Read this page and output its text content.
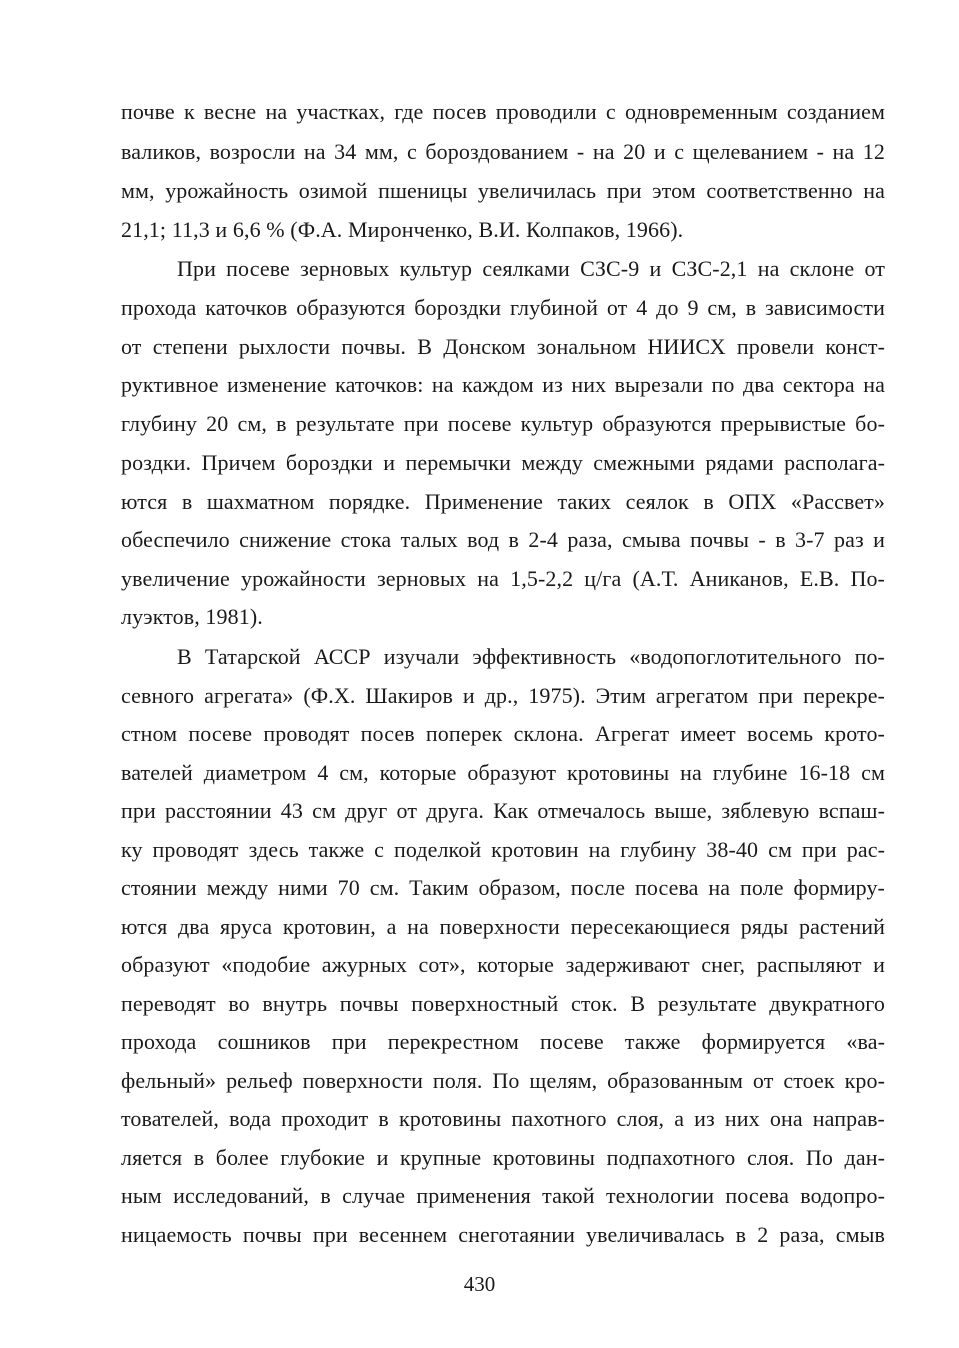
почве к весне на участках, где посев проводили с одновременным созданием
валиков, возросли на 34 мм, с бороздованием - на 20 и с щелеванием - на 12
мм, урожайность озимой пшеницы увеличилась при этом соответственно на
21,1; 11,3 и 6,6 % (Ф.А. Миронченко, В.И. Колпаков, 1966).
При посеве зерновых культур сеялками СЗС-9 и СЗС-2,1 на склоне от
прохода каточков образуются бороздки глубиной от 4 до 9 см, в зависимости
от степени рыхлости почвы. В Донском зональном НИИСХ провели конст-
руктивное изменение каточков: на каждом из них вырезали по два сектора на
глубину 20 см, в результате при посеве культур образуются прерывистые бо-
роздки. Причем бороздки и перемычки между смежными рядами располага-
ются в шахматном порядке. Применение таких сеялок в ОПХ «Рассвет»
обеспечило снижение стока талых вод в 2-4 раза, смыва почвы - в 3-7 раз и
увеличение урожайности зерновых на 1,5-2,2 ц/га (А.Т. Аниканов, Е.В. По-
луэктов, 1981).
В Татарской АССР изучали эффективность «водопоглотительного по-
севного агрегата» (Ф.Х. Шакиров и др., 1975). Этим агрегатом при перекре-
стном посеве проводят посев поперек склона. Агрегат имеет восемь крото-
вателей диаметром 4 см, которые образуют кротовины на глубине 16-18 см
при расстоянии 43 см друг от друга. Как отмечалось выше, зяблевую вспаш-
ку проводят здесь также с поделкой кротовин на глубину 38-40 см при рас-
стоянии между ними 70 см. Таким образом, после посева на поле формиру-
ются два яруса кротовин, а на поверхности пересекающиеся ряды растений
образуют «подобие ажурных сот», которые задерживают снег, распыляют и
переводят во внутрь почвы поверхностный сток. В результате двукратного
прохода сошников при перекрестном посеве также формируется «ва-
фельный» рельеф поверхности поля. По щелям, образованным от стоек кро-
тователей, вода проходит в кротовины пахотного слоя, а из них она направ-
ляется в более глубокие и крупные кротовины подпахотного слоя. По дан-
ным исследований, в случае применения такой технологии посева водопро-
ницаемость почвы при весеннем снеготаянии увеличивалась в 2 раза, смыв
430
